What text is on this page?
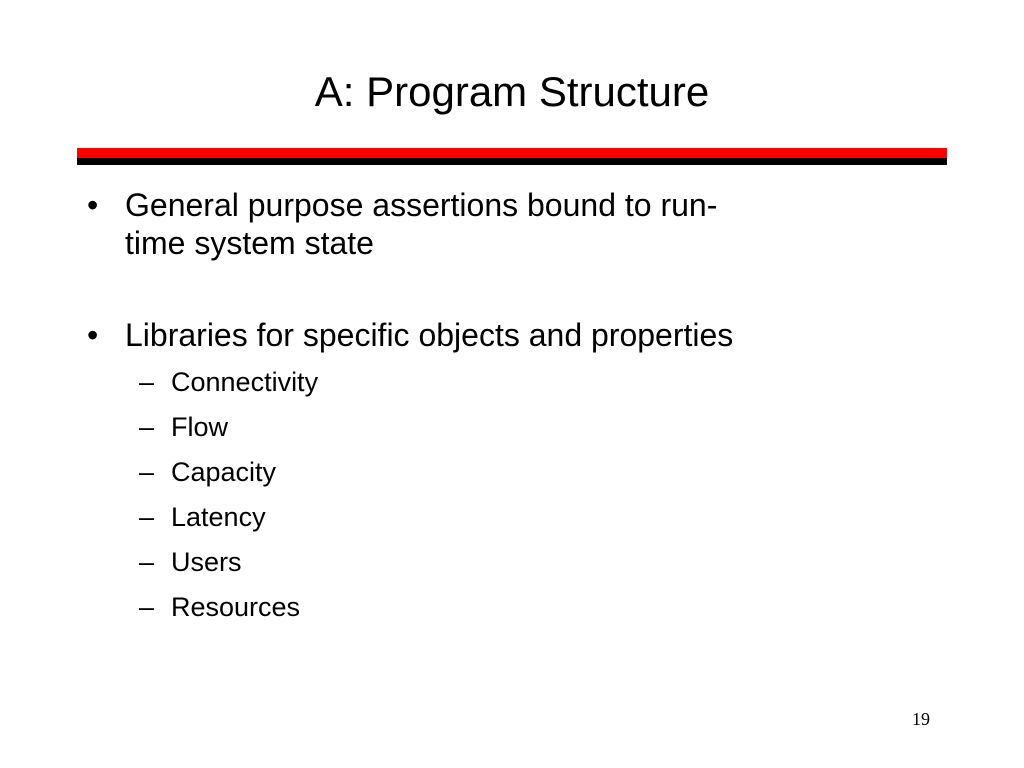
A: Program Structure
• General purpose assertions bound to run-
time system state
• Libraries for specific objects and properties
– Connectivity
– Flow
– Capacity
– Latency
– Users
– Resources
19
